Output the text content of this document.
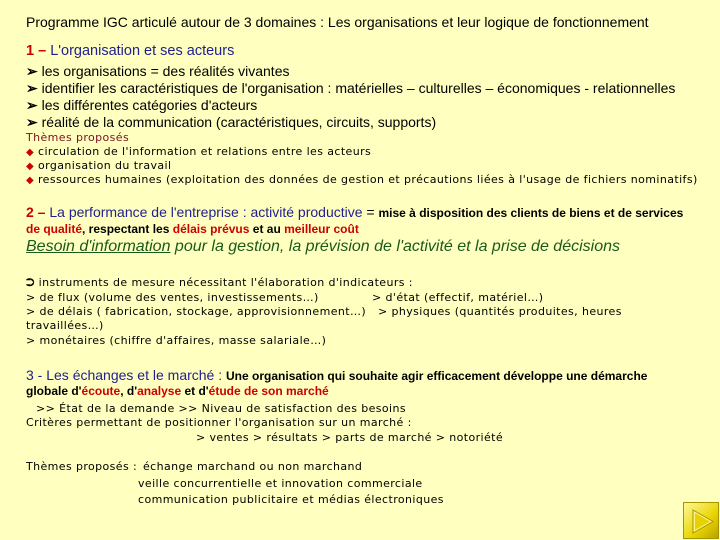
Programme IGC articulé autour de 3 domaines : Les organisations et leur logique de fonctionnement
1 – L'organisation et ses acteurs
➢ les organisations = des réalités vivantes
➢ identifier les caractéristiques de l'organisation : matérielles – culturelles – économiques - relationnelles
➢ les différentes catégories d'acteurs
➢ réalité de la communication (caractéristiques, circuits, supports)
Thèmes proposés
◆ circulation de l'information et relations entre les acteurs
◆ organisation du travail
◆ ressources humaines (exploitation des données de gestion et précautions liées à l'usage de fichiers nominatifs)
2 – La performance de l'entreprise : activité productive = mise à disposition des clients de biens et de services
de qualité, respectant les délais prévus et au meilleur coût
Besoin d'information pour la gestion, la prévision de l'activité et la prise de décisions
⮊ instruments de mesure nécessitant l'élaboration d'indicateurs :
> de flux (volume des ventes, investissements…)	> d'état (effectif, matériel…)
> de délais ( fabrication, stockage, approvisionnement…) > physiques (quantités produites, heures
travaillées…)
> monétaires (chiffre d'affaires, masse salariale…)
3 - Les échanges et le marché : Une organisation qui souhaite agir efficacement développe une démarche
globale d'écoute, d'analyse et d'étude de son marché
>> État de la demande >> Niveau de satisfaction des besoins
Critères permettant de positionner l'organisation sur un marché :
> ventes > résultats > parts de marché > notoriété
Thèmes proposés : échange marchand ou non marchand
veille concurrentielle et innovation commerciale
communication publicitaire et médias électroniques
